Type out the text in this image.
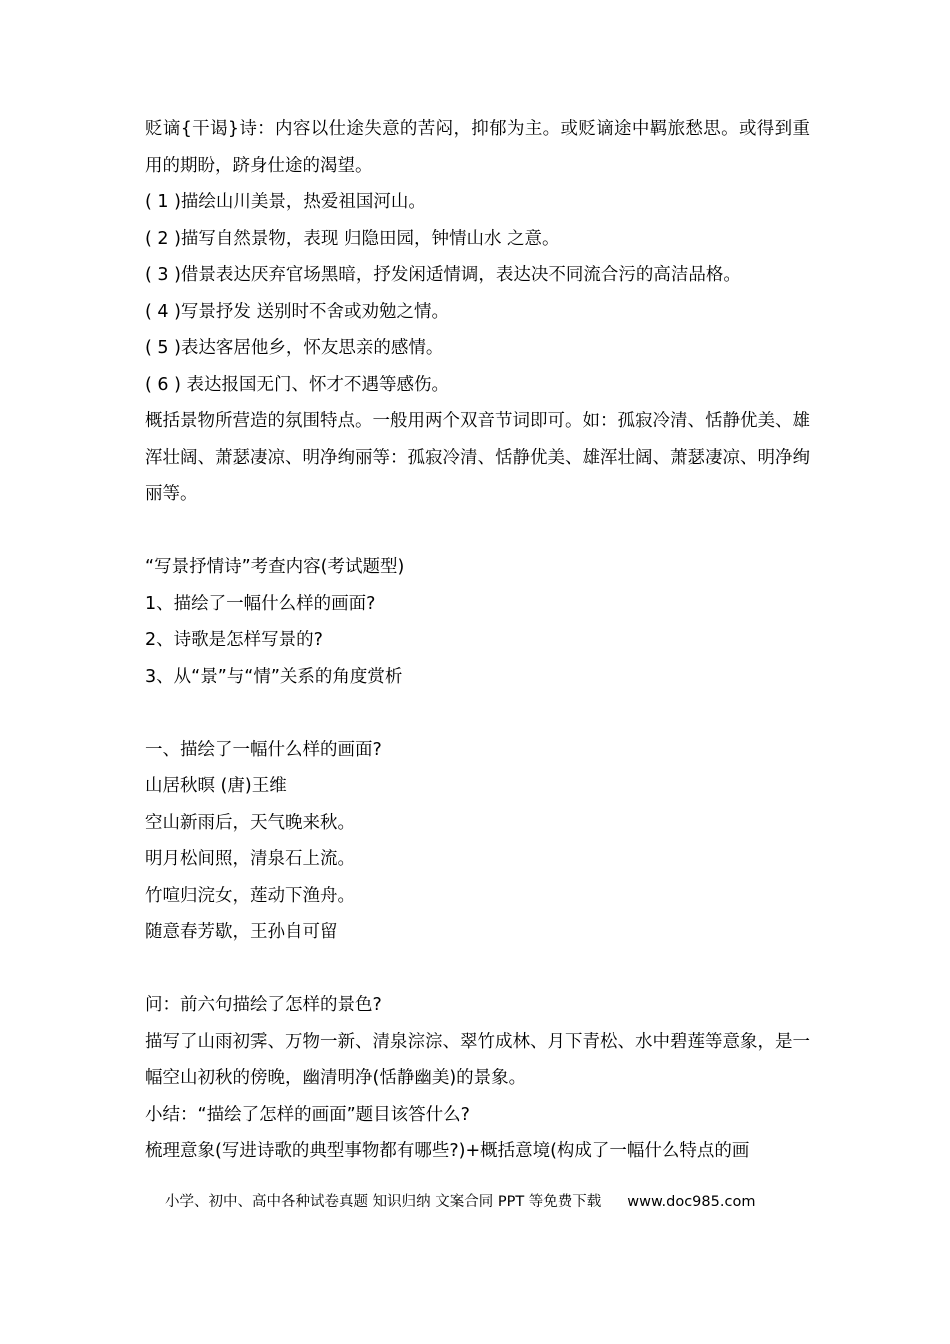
贬谪{干谒}诗：内容以仕途失意的苦闷，抑郁为主。或贬谪途中羁旅愁思。或得到重用的期盼，跻身仕途的渴望。

( 1 )描绘山川美景，热爱祖国河山。

( 2 )描写自然景物，表现 归隐田园，钟情山水 之意。

( 3 )借景表达厌弃官场黑暗，抒发闲适情调，表达决不同流合污的高洁品格。

( 4 )写景抒发 送别时不舍或劝勉之情。

( 5 )表达客居他乡，怀友思亲的感情。

( 6 ) 表达报国无门、怀才不遇等感伤。

概括景物所营造的氛围特点。一般用两个双音节词即可。如：孤寂冷清、恬静优美、雄浑壮阔、萧瑟凄凉、明净绚丽等：孤寂冷清、恬静优美、雄浑壮阔、萧瑟凄凉、明净绚丽等。

“写景抒情诗”考查内容(考试题型)

1、描绘了一幅什么样的画面?

2、诗歌是怎样写景的?

3、从“景”与“情”关系的角度赏析

一、描绘了一幅什么样的画面?

山居秋暝 (唐)王维

空山新雨后，天气晚来秋。

明月松间照，清泉石上流。

竹喧归浣女，莲动下渔舟。

随意春芳歇，王孙自可留

问：前六句描绘了怎样的景色?

描写了山雨初霁、万物一新、清泉淙淙、翠竹成林、月下青松、水中碧莲等意象，是一幅空山初秋的傍晚，幽清明净(恬静幽美)的景象。

小结：“描绘了怎样的画面”题目该答什么?

梳理意象(写进诗歌的典型事物都有哪些?)+概括意境(构成了一幅什么特点的画

小学、初中、高中各种试卷真题 知识归纳 文案合同 PPT 等免费下载 www.doc985.com
